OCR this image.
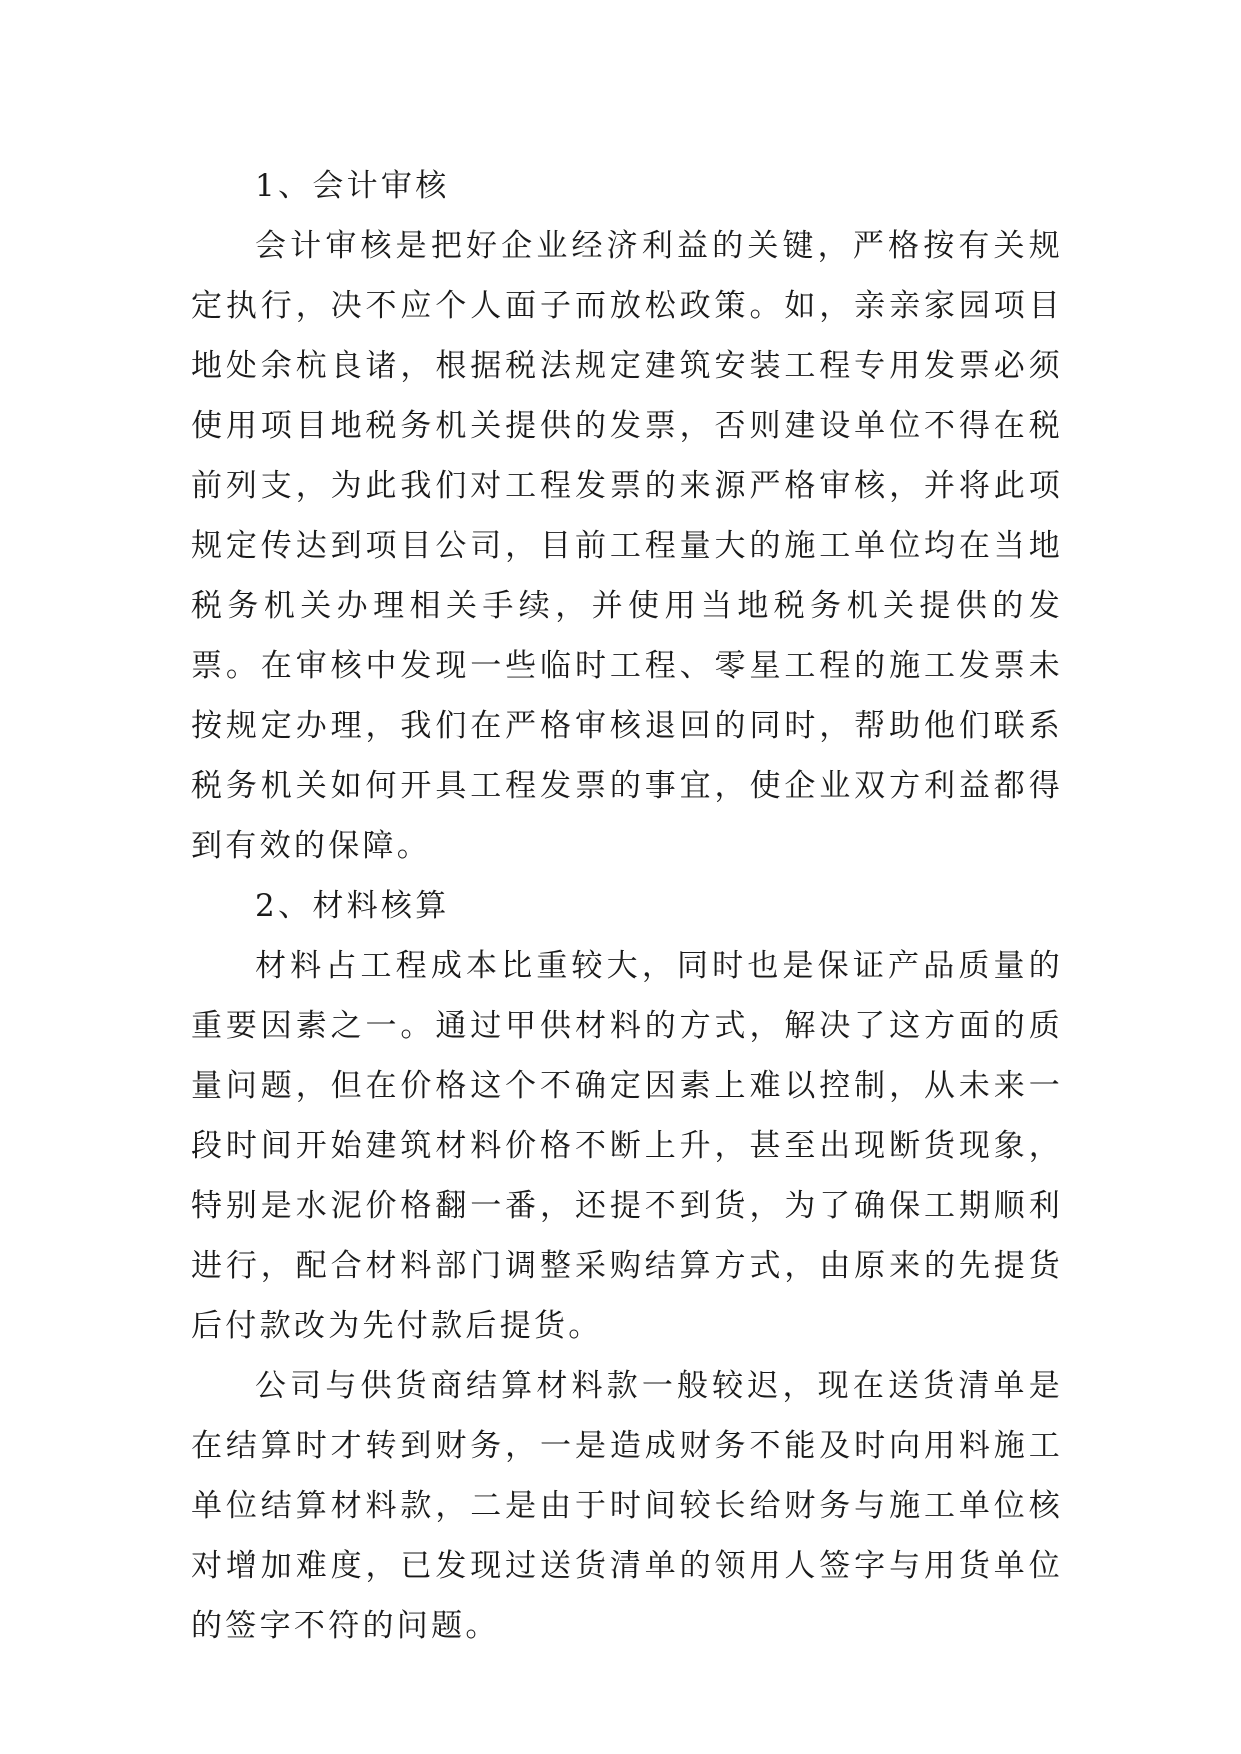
1、会计审核

会计审核是把好企业经济利益的关键，严格按有关规定执行，决不应个人面子而放松政策。如，亲亲家园项目地处余杭良诸，根据税法规定建筑安装工程专用发票必须使用项目地税务机关提供的发票，否则建设单位不得在税前列支，为此我们对工程发票的来源严格审核，并将此项规定传达到项目公司，目前工程量大的施工单位均在当地税务机关办理相关手续，并使用当地税务机关提供的发票。在审核中发现一些临时工程、零星工程的施工发票未按规定办理，我们在严格审核退回的同时，帮助他们联系税务机关如何开具工程发票的事宜，使企业双方利益都得到有效的保障。

2、材料核算

材料占工程成本比重较大，同时也是保证产品质量的重要因素之一。通过甲供材料的方式，解决了这方面的质量问题，但在价格这个不确定因素上难以控制，从未来一段时间开始建筑材料价格不断上升，甚至出现断货现象，特别是水泥价格翻一番，还提不到货，为了确保工期顺利进行，配合材料部门调整采购结算方式，由原来的先提货后付款改为先付款后提货。

公司与供货商结算材料款一般较迟，现在送货清单是在结算时才转到财务，一是造成财务不能及时向用料施工单位结算材料款，二是由于时间较长给财务与施工单位核对增加难度，已发现过送货清单的领用人签字与用货单位的签字不符的问题。
